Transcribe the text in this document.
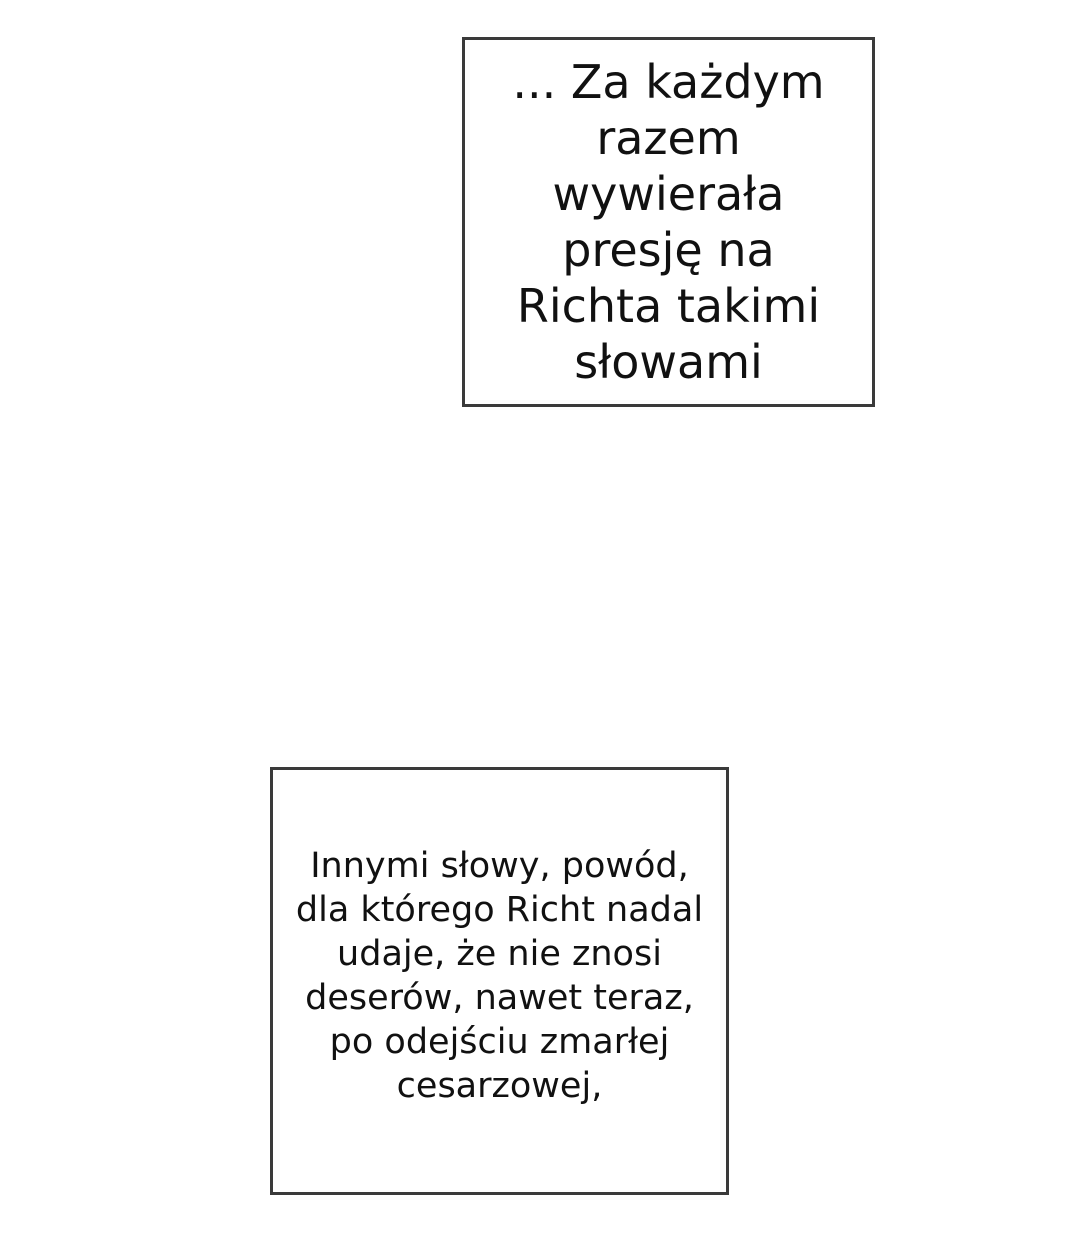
... Za każdym razem wywierała presję na Richta takimi słowami

Innymi słowy, powód, dla którego Richt nadal udaje, że nie znosi deserów, nawet teraz, po odejściu zmarłej cesarzowej,
